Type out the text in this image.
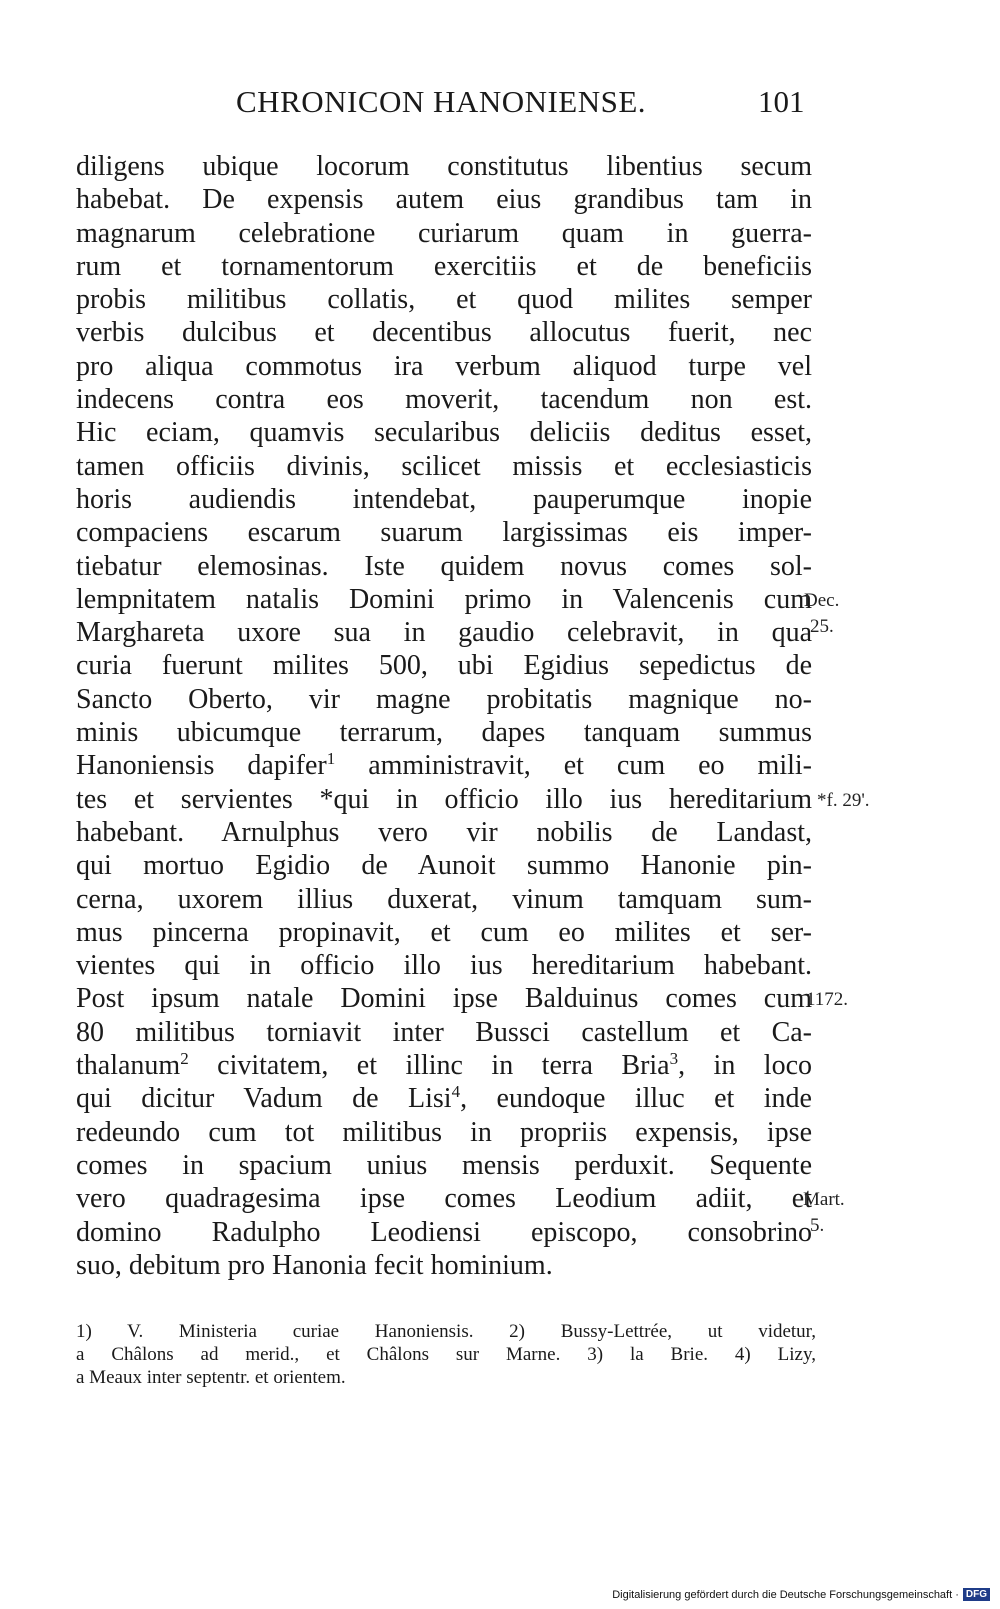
CHRONICON HANONIENSE.	101
diligens ubique locorum constitutus libentius secum
habebat. De expensis autem eius grandibus tam in
magnarum celebratione curiarum quam in guerra-
rum et tornamentorum exercitiis et de beneficiis
probis militibus collatis, et quod milites semper
verbis dulcibus et decentibus allocutus fuerit, nec
pro aliqua commotus ira verbum aliquod turpe vel
indecens contra eos moverit, tacendum non est.
Hic eciam, quamvis secularibus deliciis deditus esset,
tamen officiis divinis, scilicet missis et ecclesiasticis
horis audiendis intendebat, pauperumque inopie
compaciens escarum suarum largissimas eis imper-
tiebatur elemosinas. Iste quidem novus comes sol-
lempnitatem natalis Domini primo in Valencenis cum
Marghareta uxore sua in gaudio celebravit, in qua
curia fuerunt milites 500, ubi Egidius sepedictus de
Sancto Oberto, vir magne probitatis magnique no-
minis ubicumque terrarum, dapes tanquam summus
Hanoniensis dapifer$^1$ amministravit, et cum eo mili-
tes et servientes *qui in officio illo ius hereditarium
habebant. Arnulphus vero vir nobilis de Landast,
qui mortuo Egidio de Aunoit summo Hanonie pin-
cerna, uxorem illius duxerat, vinum tamquam sum-
mus pincerna propinavit, et cum eo milites et ser-
vientes qui in officio illo ius hereditarium habebant.
Post ipsum natale Domini ipse Balduinus comes cum
80 militibus torniavit inter Bussci castellum et Ca-
thalanum$^2$ civitatem, et illinc in terra Bria$^3$, in loco
qui dicitur Vadum de Lisi$^4$, eundoque illuc et inde
redeundo cum tot militibus in propriis expensis, ipse
comes in spacium unius mensis perduxit. Sequente
vero quadragesima ipse comes Leodium adiit, et
domino Radulpho Leodiensi episcopo, consobrino
suo, debitum pro Hanonia fecit hominium.
Dec.
25.
*f. 29'.
1172.
Mart.
5.
1) V. Ministeria curiae Hanoniensis. 2) Bussy-Lettrée, ut videtur,
a Châlons ad merid., et Châlons sur Marne. 3) la Brie. 4) Lizy,
a Meaux inter septentr. et orientem.
Digitalisierung gefördert durch die Deutsche Forschungsgemeinschaft · DFG
